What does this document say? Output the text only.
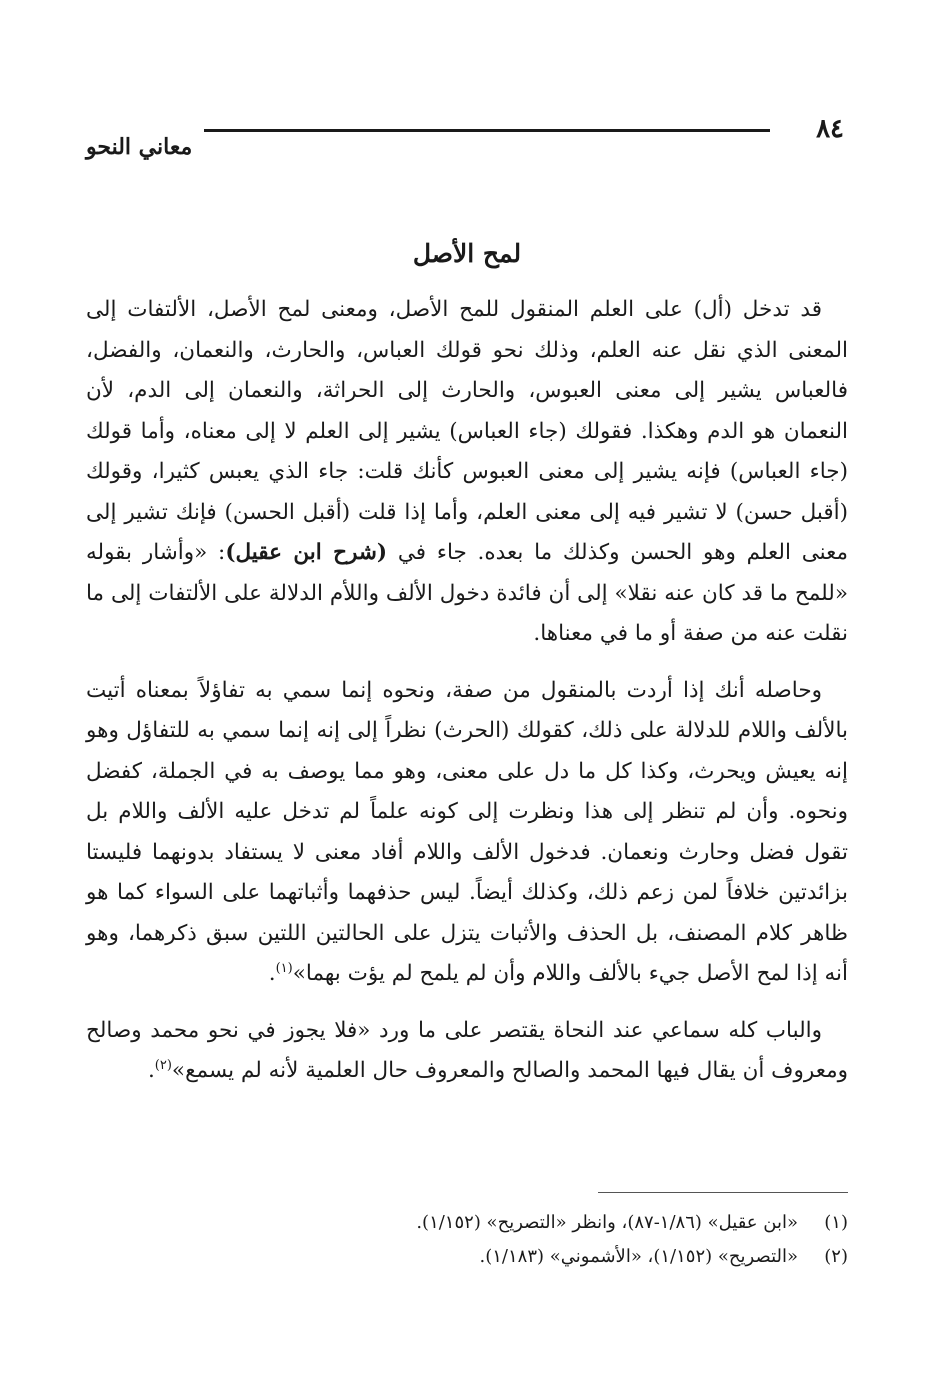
٨٤
معاني النحو
لمح الأصل

قد تدخل (أل) على العلم المنقول للمح الأصل، ومعنى لمح الأصل، الألتفات إلى المعنى الذي نقل عنه العلم، وذلك نحو قولك العباس، والحارث، والنعمان، والفضل، فالعباس يشير إلى معنى العبوس، والحارث إلى الحراثة، والنعمان إلى الدم، لأن النعمان هو الدم وهكذا. فقولك (جاء العباس) يشير إلى العلم لا إلى معناه، وأما قولك (جاء العباس) فإنه يشير إلى معنى العبوس كأنك قلت: جاء الذي يعبس كثيرا، وقولك (أقبل حسن) لا تشير فيه إلى معنى العلم، وأما إذا قلت (أقبل الحسن) فإنك تشير إلى معنى العلم وهو الحسن وكذلك ما بعده. جاء في (شرح ابن عقيل): «وأشار بقوله «للمح ما قد كان عنه نقلا» إلى أن فائدة دخول الألف واللأم الدلالة على الألتفات إلى ما نقلت عنه من صفة أو ما في معناها.

وحاصله أنك إذا أردت بالمنقول من صفة، ونحوه إنما سمي به تفاؤلاً بمعناه أتيت بالألف واللام للدلالة على ذلك، كقولك (الحرث) نظراً إلى إنه إنما سمي به للتفاؤل وهو إنه يعيش ويحرث، وكذا كل ما دل على معنى، وهو مما يوصف به في الجملة، كفضل ونحوه. وأن لم تنظر إلى هذا ونظرت إلى كونه علماً لم تدخل عليه الألف واللام بل تقول فضل وحارث ونعمان. فدخول الألف واللام أفاد معنى لا يستفاد بدونهما فليستا بزائدتين خلافاً لمن زعم ذلك، وكذلك أيضاً. ليس حذفهما وأثباتهما على السواء كما هو ظاهر كلام المصنف، بل الحذف والأثبات يتزل على الحالتين اللتين سبق ذكرهما، وهو أنه إذا لمح الأصل جيء بالألف واللام وأن لم يلمح لم يؤت بهما»$^{(١)}$.

والباب كله سماعي عند النحاة يقتصر على ما ورد «فلا يجوز في نحو محمد وصالح ومعروف أن يقال فيها المحمد والصالح والمعروف حال العلمية لأنه لم يسمع»$^{(٢)}$.

(١)«ابن عقيل» (١/٨٦-٨٧)، وانظر «التصريح» (١/١٥٢).
(٢)«التصريح» (١/١٥٢)، «الأشموني» (١/١٨٣).
